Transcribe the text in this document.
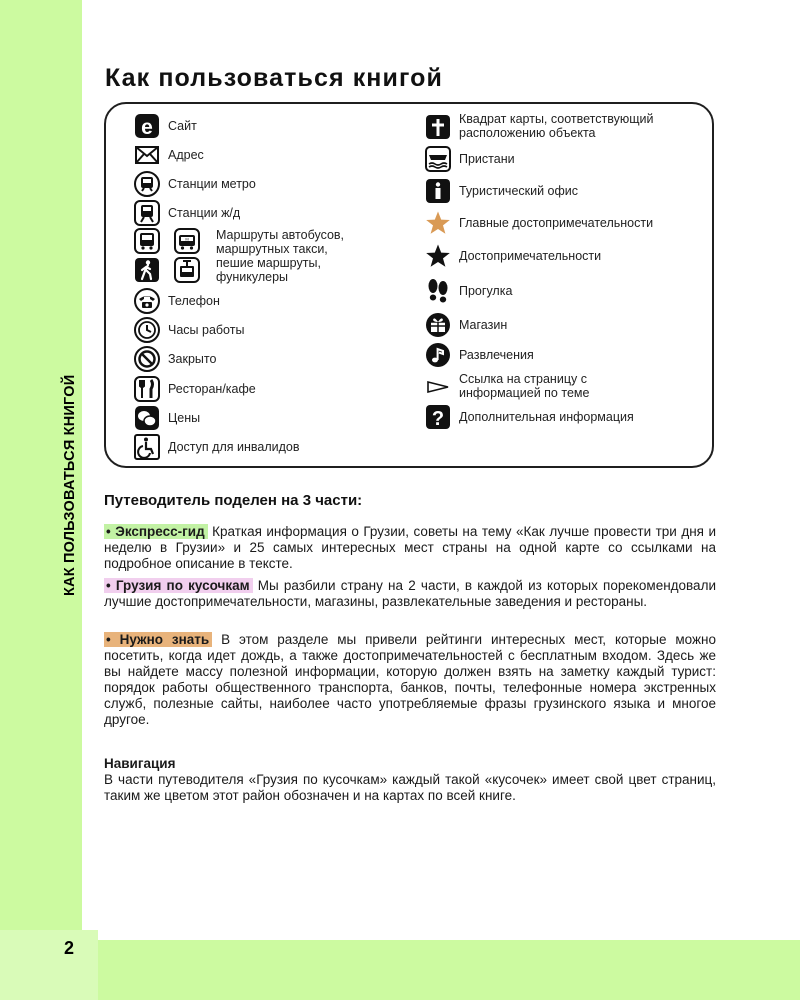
2
КАК ПОЛЬЗОВАТЬСЯ КНИГОЙ
Как пользоваться книгой
e Сайт
Адрес
Станции метро
Станции ж/д
M Маршруты автобусов,
маршрутных такси,
пешие маршруты,
фуникулеры
Телефон
Часы работы
Закрыто
Ресторан/кафе
Цены
Доступ для инвалидов
Квадрат карты, соответствующий расположению объекта
Пристани
Туристический офис
Главные достопримечательности
Достопримечательности
Прогулка
Магазин
Развлечения
Ссылка на страницу с информацией по теме
? Дополнительная информация
Путеводитель поделен на 3 части:

• Экспресс-гид Краткая информация о Грузии, советы на тему «Как лучше провести три дня и неделю в Грузии» и 25 самых интересных мест страны на одной карте со ссылками на подробное описание в тексте.

• Грузия по кусочкам Мы разбили страну на 2 части, в каждой из которых порекомендовали лучшие достопримечательности, магазины, развлекательные заведения и рестораны.

• Нужно знать В этом разделе мы привели рейтинги интересных мест, которые можно посетить, когда идет дождь, а также достопримечательностей с бесплатным входом. Здесь же вы найдете массу полезной информации, которую должен взять на заметку каждый турист: порядок работы общественного транспорта, банков, почты, телефонные номера экстренных служб, полезные сайты, наиболее часто употребляемые фразы грузинского языка и многое другое.

Навигация

В части путеводителя «Грузия по кусочкам» каждый такой «кусочек» имеет свой цвет страниц, таким же цветом этот район обозначен и на картах по всей книге.
